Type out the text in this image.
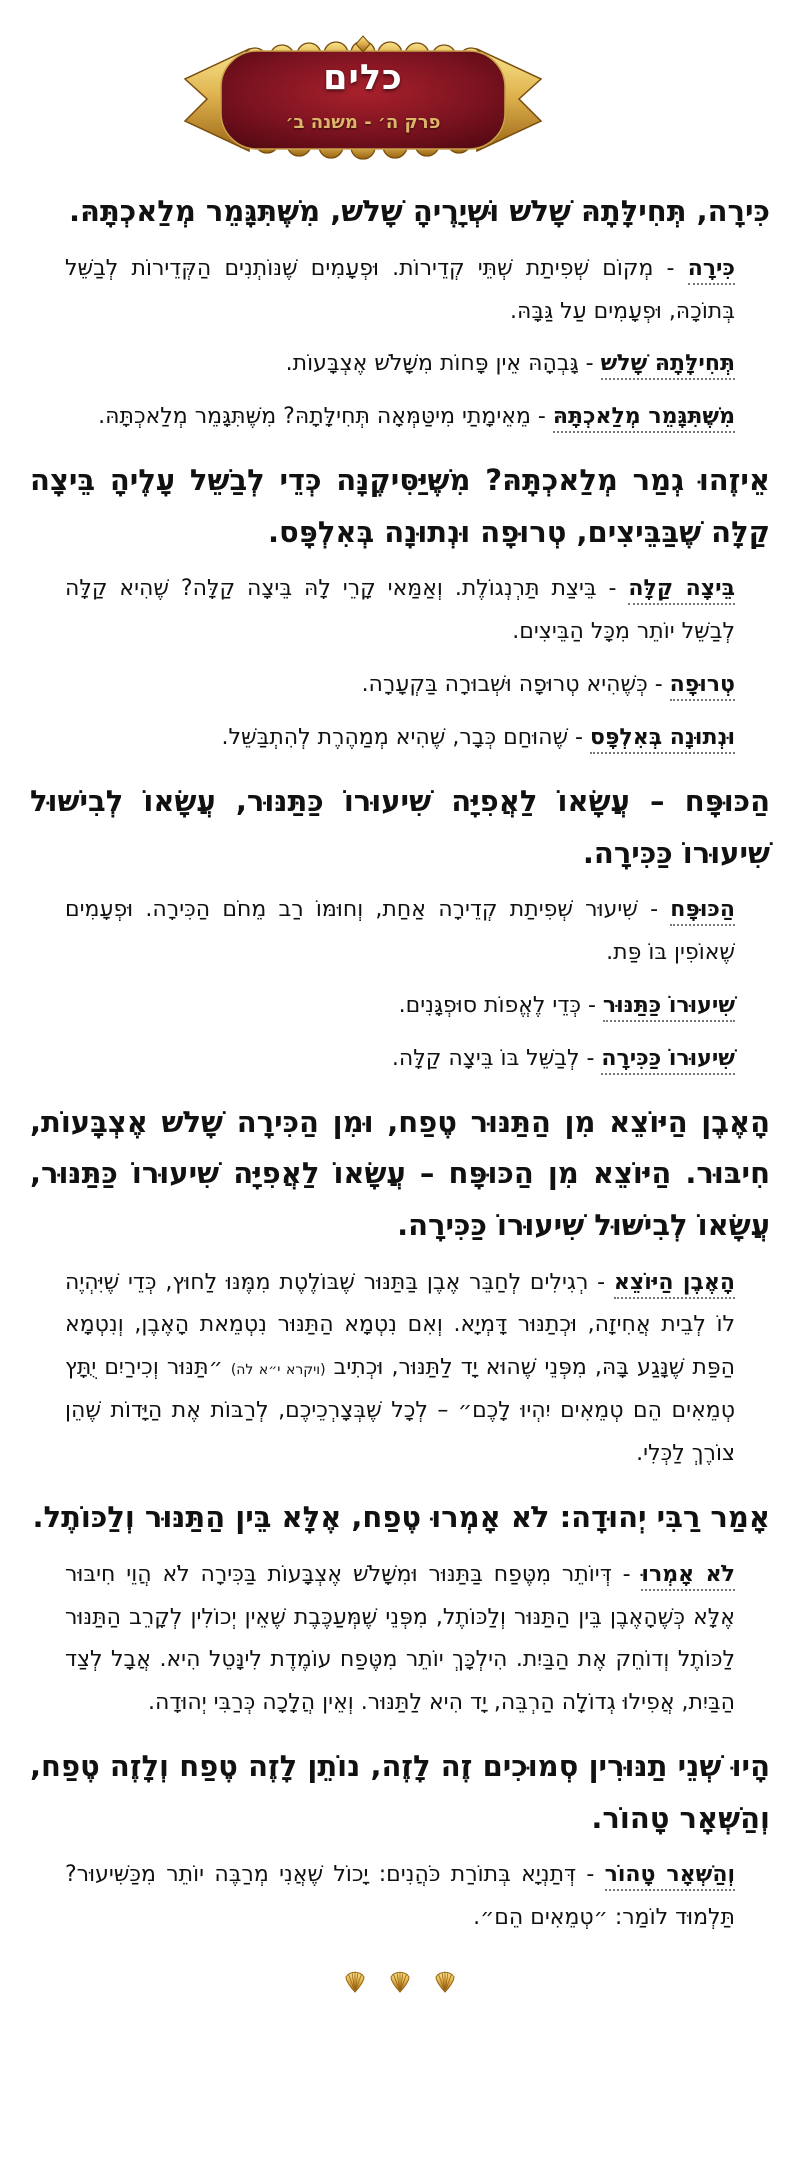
כלים
פרק ה׳ - משנה ב׳

כִּירָה, תְּחִילָּתָהּ שָׁלשׁ וּשְׁיָרֶיהָ שָׁלשׁ, מִשֶּׁתִּגָּמֵר מְלַאכְתָּהּ.

כִּירָה - מְקוֹם שְׁפִיתַת שְׁתֵּי קְדֵירוֹת. וּפְעָמִים שֶׁנּוֹתְנִים הַקְּדֵירוֹת לְבַשֵּׁל בְּתוֹכָהּ, וּפְעָמִים עַל גַּבָּהּ.

תְּחִילָּתָהּ שָׁלשׁ - גָּבְהָהּ אֵין פָּחוֹת מִשָּׁלֹשׁ אֶצְבָּעוֹת.

מִשֶּׁתִּגָּמֵר מְלַאכְתָּהּ - מֵאֵימָתַי מִיטַּמְּאָה תְּחִילָּתָהּ? מִשֶּׁתִּגָּמֵר מְלַאכְתָּהּ.

אֵיזֶהוּ גְמַר מְלַאכְתָּהּ? מִשֶּׁיַּסִּיקֶנָּה כְּדֵי לְבַשֵּׁל עָלֶיהָ בֵּיצָה קַלָּה שֶׁבַּבֵּיצִים, טְרוּפָה וּנְתוּנָה בְּאִלְפָּס.

בֵּיצָה קַלָּה - בֵּיצַת תַּרְנְגוֹלֶת. וְאַמַּאי קָרֵי לָהּ בֵּיצָה קַלָּה? שֶׁהִיא קַלָּה לְבַשֵּׁל יוֹתֵר מִכָּל הַבֵּיצִים.

טְרוּפָה - כְּשֶׁהִיא טְרוּפָה וּשְׁבוּרָה בַּקְעָרָה.

וּנְתוּנָה בְּאִלְפָּס - שֶׁהוּחַם כְּבָר, שֶׁהִיא מְמַהֶרֶת לְהִתְבַּשֵּׁל.

הַכּוּפָּח – עֲשָׂאוֹ לַאֲפִיָּה שִׁיעוּרוֹ כַּתַּנּוּר, עֲשָׂאוֹ לְבִישּׁוּל שִׁיעוּרוֹ כַּכִּירָה.

הַכּוּפָּח - שִׁיעוּר שְׁפִיתַת קְדֵירָה אַחַת, וְחוּמּוֹ רַב מֵחֹם הַכִּירָה. וּפְעָמִים שֶׁאוֹפִין בּוֹ פַּת.

שִׁיעוּרוֹ כַּתַּנּוּר - כְּדֵי לֶאֱפוֹת סוּפְגָּנִים.

שִׁיעוּרוֹ כַּכִּירָה - לְבַשֵּׁל בּוֹ בֵּיצָה קַלָּה.

הָאֶבֶן הַיּוֹצֵא מִן הַתַּנּוּר טֶפַח, וּמִן הַכִּירָה שָׁלשׁ אֶצְבָּעוֹת, חִיבּוּר. הַיּוֹצֵא מִן הַכּוּפָּח – עֲשָׂאוֹ לַאֲפִיָּה שִׁיעוּרוֹ כַּתַּנּוּר, עֲשָׂאוֹ לְבִישּׁוּל שִׁיעוּרוֹ כַּכִּירָה.

הָאֶבֶן הַיּוֹצֵא - רְגִילִים לְחַבֵּר אֶבֶן בַּתַּנּוּר שֶׁבּוֹלֶטֶת מִמֶּנּוּ לַחוּץ, כְּדֵי שֶׁיִּהְיֶה לוֹ לְבֵית אֲחִיזָה, וּכְתַנּוּר דָּמְיָא. וְאִם נִטְמָא הַתַּנּוּר נִטְמֵאת הָאֶבֶן, וְנִטְמָא הַפַּת שֶׁנָּגַע בָּהּ, מִפְּנֵי שֶׁהוּא יָד לַתַּנּוּר, וּכְתִיב (ויקרא י״א לה) ״תַּנּוּר וְכִירַיִם יֻתָּץ טְמֵאִים הֵם טְמֵאִים יִהְיוּ לָכֶם״ – לְכָל שֶׁבְּצָרְכֵיכֶם, לְרַבּוֹת אֶת הַיָּדוֹת שֶׁהֵן צוֹרֶךְ לַכְּלִי.

אָמַר רַבִּי יְהוּדָה: לֹא אָמְרוּ טֶפַח, אֶלָּא בֵּין הַתַּנּוּר וְלַכּוֹתֶל.

לֹא אָמְרוּ - דְּיוֹתֵר מִטֶּפַח בַּתַּנּוּר וּמִשָּׁלֹשׁ אֶצְבָּעוֹת בַּכִּירָה לֹא הֲוֵי חִיבּוּר אֶלָּא כְּשֶׁהָאֶבֶן בֵּין הַתַּנּוּר וְלַכּוֹתֶל, מִפְּנֵי שֶׁמְּעַכֶּבֶת שֶׁאֵין יְכוֹלִין לְקָרֵב הַתַּנּוּר לַכּוֹתֶל וְדוֹחֵק אֶת הַבַּיִת. הִילְכָּךְ יוֹתֵר מִטֶּפַח עוֹמֶדֶת לִינָּטֵל הִיא. אֲבָל לְצַד הַבַּיִת, אֲפִילוּ גְדוֹלָה הַרְבֵּה, יָד הִיא לַתַּנּוּר. וְאֵין הֲלָכָה כְּרַבִּי יְהוּדָה.

הָיוּ שְׁנֵי תַנּוּרִין סְמוּכִים זֶה לָזֶה, נוֹתֵן לָזֶה טֶפַח וְלָזֶה טֶפַח, וְהַשְּׁאָר טָהוֹר.

וְהַשְּׁאָר טָהוֹר - דְּתַנְיָא בְּתוֹרַת כֹּהֲנִים: יָכוֹל שֶׁאֲנִי מְרַבֶּה יוֹתֵר מִכַּשִּׁיעוּר? תַּלְמוּד לוֹמַר: ״טְמֵאִים הֵם״.
